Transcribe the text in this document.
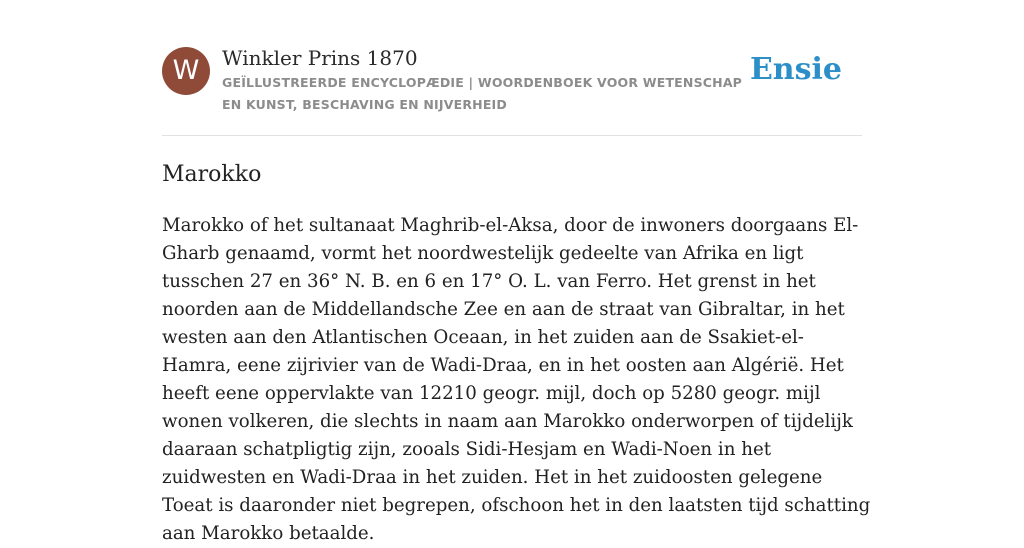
W	Winkler Prins 1870
GEÏLLUSTREERDE ENCYCLOPÆDIE | WOORDENBOEK VOOR WETENSCHAP EN KUNST, BESCHAVING EN NIJVERHEID
Ensie
Marokko

Marokko of het sultanaat Maghrib-el-Aksa, door de inwoners doorgaans El-Gharb genaamd, vormt het noordwestelijk gedeelte van Afrika en ligt tusschen 27 en 36° N. B. en 6 en 17° O. L. van Ferro. Het grenst in het noorden aan de Middellandsche Zee en aan de straat van Gibraltar, in het westen aan den Atlantischen Oceaan, in het zuiden aan de Ssakiet-el-Hamra, eene zijrivier van de Wadi-Draa, en in het oosten aan Algérië. Het heeft eene oppervlakte van 12210 geogr. mijl, doch op 5280 geogr. mijl wonen volkeren, die slechts in naam aan Marokko onderworpen of tijdelijk daaraan schatpligtig zijn, zooals Sidi-Hesjam en Wadi-Noen in het zuidwesten en Wadi-Draa in het zuiden. Het in het zuidoosten gelegene Toeat is daaronder niet begrepen, ofschoon het in den laatsten tijd schatting aan Marokko betaalde.
